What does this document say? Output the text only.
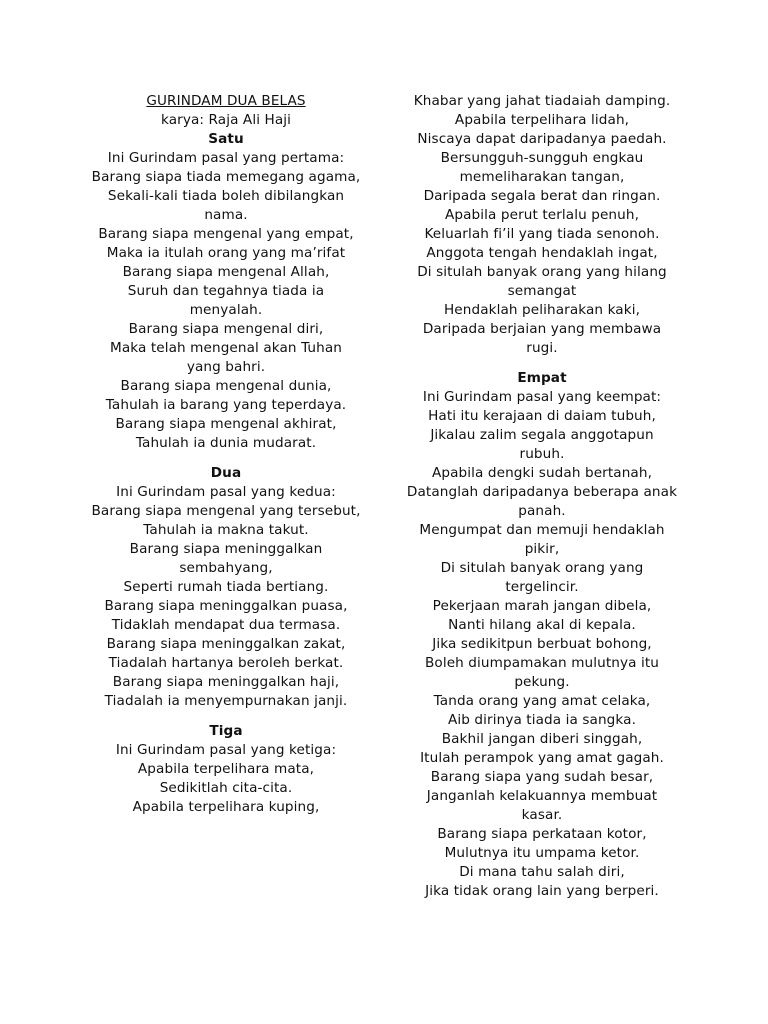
GURINDAM DUA BELAS

karya: Raja Ali Haji

Satu

Ini Gurindam pasal yang pertama:

Barang siapa tiada memegang agama,
Sekali-kali tiada boleh dibilangkan
nama.
Barang siapa mengenal yang empat,
Maka ia itulah orang yang ma’rifat
Barang siapa mengenal Allah,
Suruh dan tegahnya tiada ia
menyalah.
Barang siapa mengenal diri,
Maka telah mengenal akan Tuhan
yang bahri.
Barang siapa mengenal dunia,
Tahulah ia barang yang teperdaya.
Barang siapa mengenal akhirat,
Tahulah ia dunia mudarat.

Dua

Ini Gurindam pasal yang kedua:

Barang siapa mengenal yang tersebut,
Tahulah ia makna takut.
Barang siapa meninggalkan
sembahyang,
Seperti rumah tiada bertiang.
Barang siapa meninggalkan puasa,
Tidaklah mendapat dua termasa.
Barang siapa meninggalkan zakat,
Tiadalah hartanya beroleh berkat.
Barang siapa meninggalkan haji,
Tiadalah ia menyempurnakan janji.

Tiga

Ini Gurindam pasal yang ketiga:

Apabila terpelihara mata,
Sedikitlah cita-cita.
Apabila terpelihara kuping,
Khabar yang jahat tiadaiah damping.
Apabila terpelihara lidah,
Niscaya dapat daripadanya paedah.
Bersungguh-sungguh engkau
memeliharakan tangan,
Daripada segala berat dan ringan.
Apabila perut terlalu penuh,
Keluarlah fi’il yang tiada senonoh.
Anggota tengah hendaklah ingat,
Di situlah banyak orang yang hilang
semangat
Hendaklah peliharakan kaki,
Daripada berjaian yang membawa
rugi.

Empat

Ini Gurindam pasal yang keempat:

Hati itu kerajaan di daiam tubuh,
Jikalau zalim segala anggotapun
rubuh.
Apabila dengki sudah bertanah,
Datanglah daripadanya beberapa anak
panah.
Mengumpat dan memuji hendaklah
pikir,
Di situlah banyak orang yang
tergelincir.
Pekerjaan marah jangan dibela,
Nanti hilang akal di kepala.
Jika sedikitpun berbuat bohong,
Boleh diumpamakan mulutnya itu
pekung.
Tanda orang yang amat celaka,
Aib dirinya tiada ia sangka.
Bakhil jangan diberi singgah,
Itulah perampok yang amat gagah.
Barang siapa yang sudah besar,
Janganlah kelakuannya membuat
kasar.
Barang siapa perkataan kotor,
Mulutnya itu umpama ketor.
Di mana tahu salah diri,
Jika tidak orang lain yang berperi.
